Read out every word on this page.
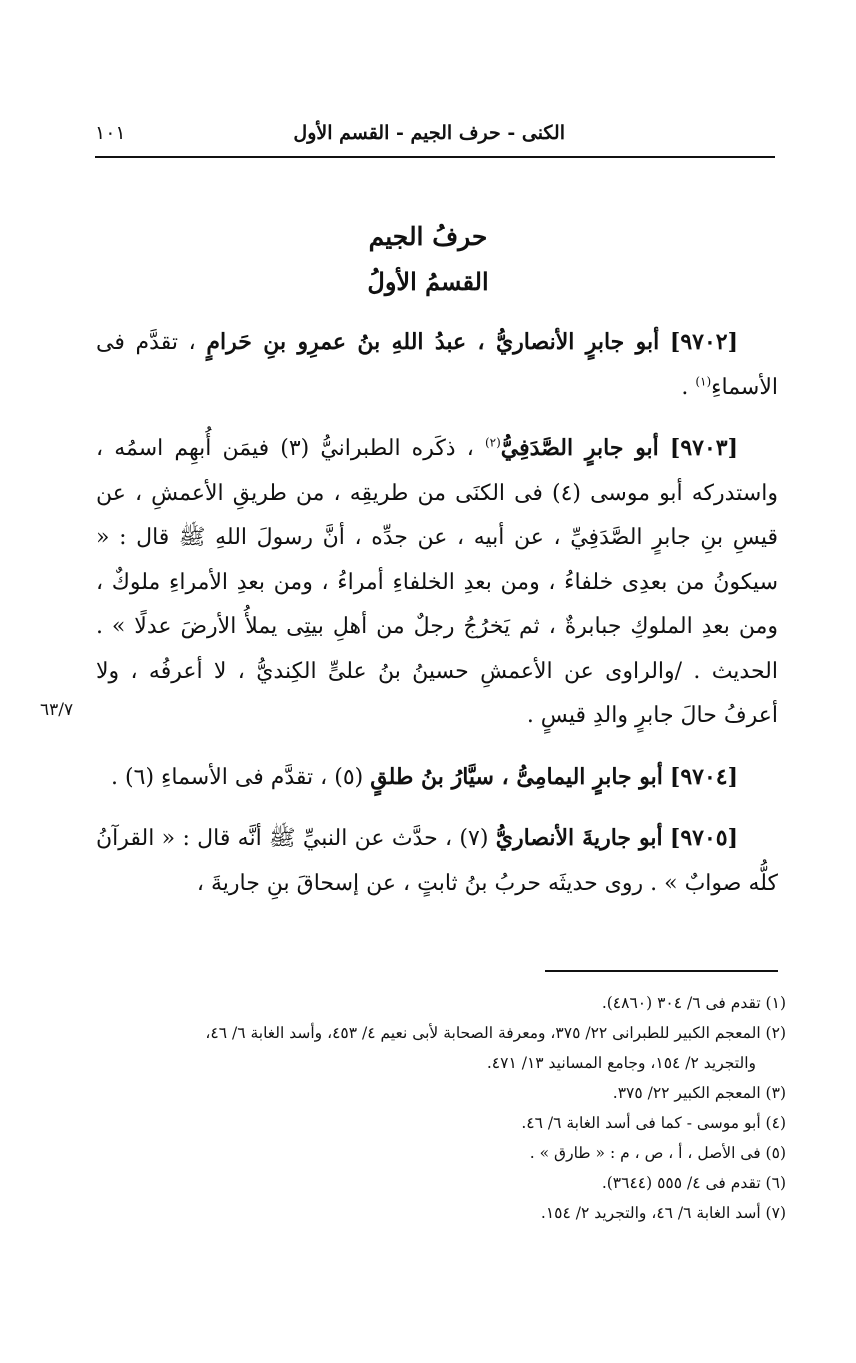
الكنى - حرف الجيم - القسم الأول
١٠١
حرفُ الجيم
القسمُ الأولُ

[٩٧٠٢] أبو جابرٍ الأنصاريُّ ، عبدُ اللهِ بنُ عمرِو بنِ حَرامٍ ، تقدَّم فى الأسماءِ$^{(١)}$ .

[٩٧٠٣] أبو جابرٍ الصَّدَفِيُّ$^{(٢)}$ ، ذكَره الطبرانيُّ (٣) فيمَن أُبهِم اسمُه ، واستدركه أبو موسى (٤) فى الكنَى من طريقِه ، من طريقِ الأعمشِ ، عن قيسِ بنِ جابرٍ الصَّدَفِيِّ ، عن أبيه ، عن جدِّه ، أنَّ رسولَ اللهِ ﷺ قال : « سيكونُ من بعدِى خلفاءُ ، ومن بعدِ الخلفاءِ أمراءُ ، ومن بعدِ الأمراءِ ملوكٌ ، ومن بعدِ الملوكِ جبابرةٌ ، ثم يَخرُجُ رجلٌ من أهلِ بيتِى يملأُ الأرضَ عدلًا » . الحديث . /والراوى عن الأعمشِ حسينُ بنُ علىٍّ الكِنديُّ ، لا أعرفُه ، ولا أعرفُ حالَ جابرٍ والدِ قيسٍ .

[٩٧٠٤] أبو جابرٍ اليمامِىُّ ، سيَّارُ بنُ طلقٍ (٥) ، تقدَّم فى الأسماءِ (٦) .

[٩٧٠٥] أبو جاريةَ الأنصاريُّ (٧) ، حدَّث عن النبيِّ ﷺ أنَّه قال : « القرآنُ كلُّه صوابٌ » . روى حديثَه حربُ بنُ ثابتٍ ، عن إسحاقَ بنِ جاريةَ ،

٦٣/٧

(١) تقدم فى ٦/ ٣٠٤ (٤٨٦٠).

(٢) المعجم الكبير للطبرانى ٢٢/ ٣٧٥، ومعرفة الصحابة لأبى نعيم ٤/ ٤٥٣، وأسد الغابة ٦/ ٤٦،

والتجريد ٢/ ١٥٤، وجامع المسانيد ١٣/ ٤٧١.

(٣) المعجم الكبير ٢٢/ ٣٧٥.

(٤) أبو موسى - كما فى أسد الغابة ٦/ ٤٦.

(٥) فى الأصل ، أ ، ص ، م : « طارق » .

(٦) تقدم فى ٤/ ٥٥٥ (٣٦٤٤).

(٧) أسد الغابة ٦/ ٤٦، والتجريد ٢/ ١٥٤.
